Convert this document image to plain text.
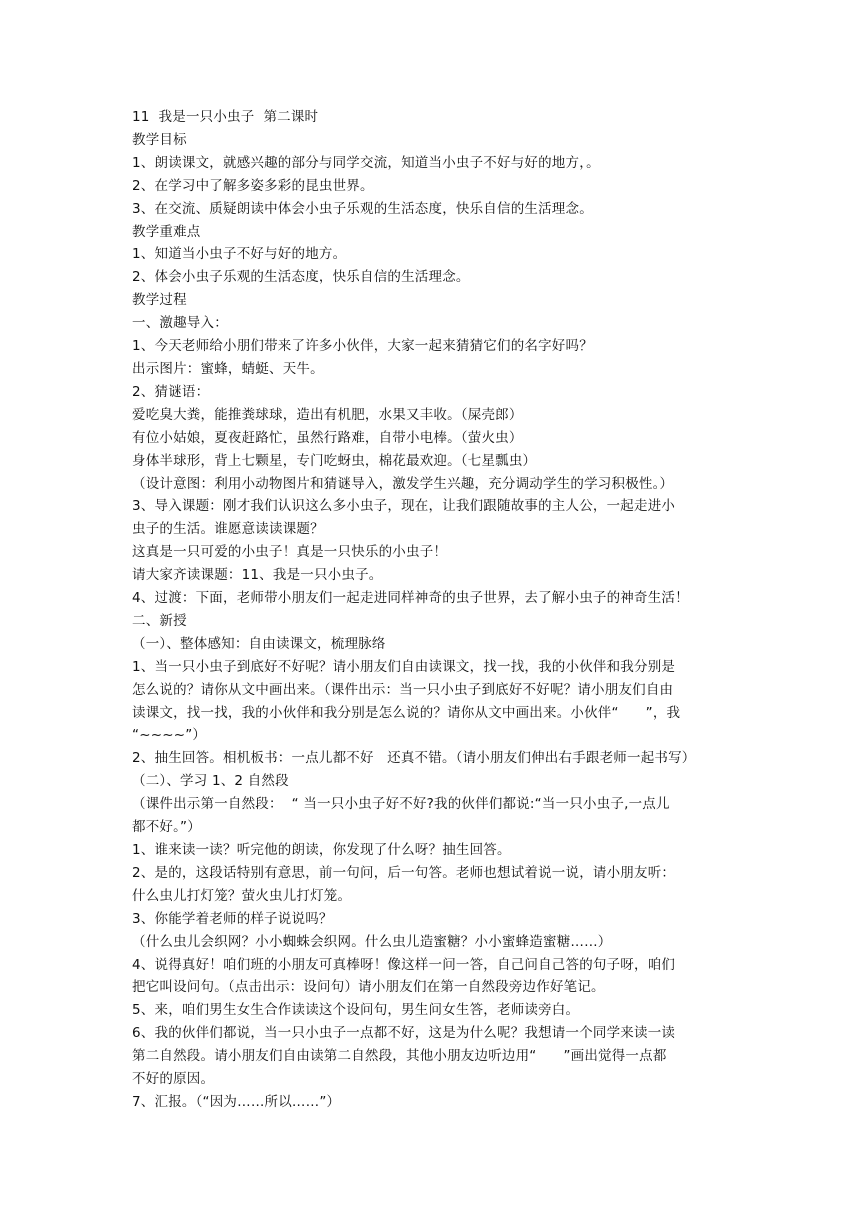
11  我是一只小虫子  第二课时

教学目标

1、朗读课文，就感兴趣的部分与同学交流，知道当小虫子不好与好的地方，。

2、在学习中了解多姿多彩的昆虫世界。

3、在交流、质疑朗读中体会小虫子乐观的生活态度，快乐自信的生活理念。

教学重难点

1、知道当小虫子不好与好的地方。

2、体会小虫子乐观的生活态度，快乐自信的生活理念。

教学过程

一、激趣导入：

1、今天老师给小朋们带来了许多小伙伴，大家一起来猜猜它们的名字好吗？

出示图片：蜜蜂，蜻蜓、天牛。

2、猜谜语：

爱吃臭大粪，能推粪球球，造出有机肥，水果又丰收。（屎壳郎）

有位小姑娘，夏夜赶路忙，虽然行路难，自带小电棒。（萤火虫）

身体半球形，背上七颗星，专门吃蚜虫，棉花最欢迎。（七星瓢虫）

（设计意图：利用小动物图片和猜谜导入，激发学生兴趣，充分调动学生的学习积极性。）

3、导入课题：刚才我们认识这么多小虫子，现在，让我们跟随故事的主人公，一起走进小

虫子的生活。谁愿意读读课题？

这真是一只可爱的小虫子！真是一只快乐的小虫子！

请大家齐读课题：11、我是一只小虫子。

4、过渡：下面，老师带小朋友们一起走进同样神奇的虫子世界，去了解小虫子的神奇生活！

二、新授

（一）、整体感知：自由读课文，梳理脉络

1、当一只小虫子到底好不好呢？请小朋友们自由读课文，找一找，我的小伙伴和我分别是

怎么说的？请你从文中画出来。（课件出示：当一只小虫子到底好不好呢？请小朋友们自由

读课文，找一找，我的小伙伴和我分别是怎么说的？请你从文中画出来。小伙伴“      ”，我

“~~~~”）

2、抽生回答。相机板书：一点儿都不好   还真不错。（请小朋友们伸出右手跟老师一起书写）

（二）、学习 1、2 自然段

（课件出示第一自然段：  “ 当一只小虫子好不好?我的伙伴们都说:“当一只小虫子,一点儿

都不好。”）

1、谁来读一读？听完他的朗读，你发现了什么呀？抽生回答。

2、是的，这段话特别有意思，前一句问，后一句答。老师也想试着说一说，请小朋友听：

什么虫儿打灯笼？萤火虫儿打灯笼。

3、你能学着老师的样子说说吗？

（什么虫儿会织网？小小蜘蛛会织网。什么虫儿造蜜糖？小小蜜蜂造蜜糖……）

4、说得真好！咱们班的小朋友可真棒呀！像这样一问一答，自己问自己答的句子呀，咱们

把它叫设问句。（点击出示：设问句）请小朋友们在第一自然段旁边作好笔记。

5、来，咱们男生女生合作读读这个设问句，男生问女生答，老师读旁白。

6、我的伙伴们都说，当一只小虫子一点都不好，这是为什么呢？我想请一个同学来读一读

第二自然段。请小朋友们自由读第二自然段，其他小朋友边听边用“      ”画出觉得一点都

不好的原因。

7、汇报。（“因为……所以……”）
